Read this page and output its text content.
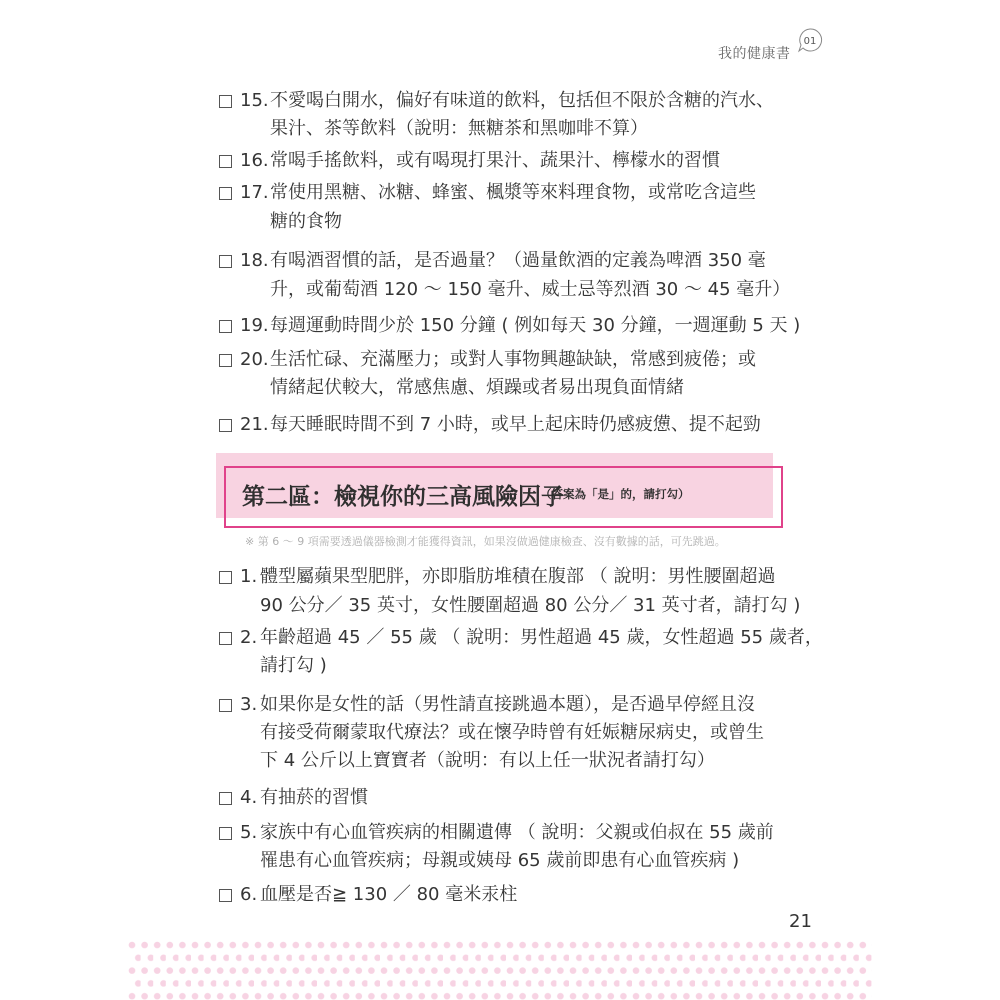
我的健康書
01
15. 不愛喝白開水，偏好有味道的飲料，包括但不限於含糖的汽水、
果汁、茶等飲料（說明：無糖茶和黑咖啡不算）
16. 常喝手搖飲料，或有喝現打果汁、蔬果汁、檸檬水的習慣
17. 常使用黑糖、冰糖、蜂蜜、楓漿等來料理食物，或常吃含這些
糖的食物
18. 有喝酒習慣的話，是否過量？（過量飲酒的定義為啤酒 350 毫
升，或葡萄酒 120 ～ 150 毫升、威士忌等烈酒 30 ～ 45 毫升）
19. 每週運動時間少於 150 分鐘 ( 例如每天 30 分鐘，一週運動 5 天 )
20. 生活忙碌、充滿壓力；或對人事物興趣缺缺，常感到疲倦；或
情緒起伏較大，常感焦慮、煩躁或者易出現負面情緒
21. 每天睡眠時間不到 7 小時，或早上起床時仍感疲憊、提不起勁
第二區：檢視你的三高風險因子
（答案為「是」的，請打勾）
※ 第 6 ～ 9 項需要透過儀器檢測才能獲得資訊，如果沒做過健康檢查、沒有數據的話，可先跳過。
1. 體型屬蘋果型肥胖，亦即脂肪堆積在腹部 （ 說明：男性腰圍超過
90 公分／ 35 英寸，女性腰圍超過 80 公分／ 31 英寸者，請打勾 )
2. 年齡超過 45 ／ 55 歲 （ 說明：男性超過 45 歲，女性超過 55 歲者，
請打勾 )
3. 如果你是女性的話（男性請直接跳過本題），是否過早停經且沒
有接受荷爾蒙取代療法？或在懷孕時曾有妊娠糖尿病史，或曾生
下 4 公斤以上寶寶者（說明：有以上任一狀況者請打勾）
4. 有抽菸的習慣
5. 家族中有心血管疾病的相關遺傳 （ 說明：父親或伯叔在 55 歲前
罹患有心血管疾病；母親或姨母 65 歲前即患有心血管疾病 )
6. 血壓是否≧ 130 ／ 80 毫米汞柱
21
